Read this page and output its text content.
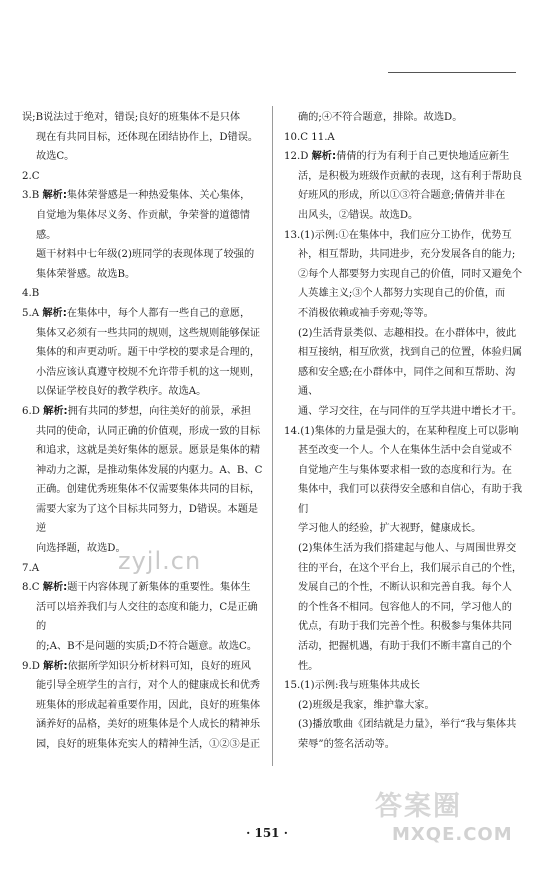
误;B说法过于绝对，错误;良好的班集体不是只体
现在有共同目标，还体现在团结协作上，D错误。
故选C。
2.C
3.B 解析:集体荣誉感是一种热爱集体、关心集体，
自觉地为集体尽义务、作贡献，争荣誉的道德情感。
题干材料中七年级(2)班同学的表现体现了较强的
集体荣誉感。故选B。
4.B
5.A 解析:在集体中，每个人都有一些自己的意愿，
集体又必须有一些共同的规则，这些规则能够保证
集体的和声更动听。题干中学校的要求是合理的，
小浩应该认真遵守校规不允许带手机的这一规则，
以保证学校良好的教学秩序。故选A。
6.D 解析:拥有共同的梦想，向往美好的前景，承担
共同的使命，认同正确的价值观，形成一致的目标
和追求，这就是美好集体的愿景。愿景是集体的精
神动力之源，是推动集体发展的内驱力。A、B、C
正确。创建优秀班集体不仅需要集体共同的目标，
需要大家为了这个目标共同努力，D错误。本题是逆
向选择题，故选D。
7.A
8.C 解析:题干内容体现了新集体的重要性。集体生
活可以培养我们与人交往的态度和能力，C是正确的
的;A、B不是问题的实质;D不符合题意。故选C。
9.D 解析:依据所学知识分析材料可知，良好的班风
能引导全班学生的言行，对个人的健康成长和优秀
班集体的形成起着重要作用，因此，良好的班集体
涵养好的品格，美好的班集体是个人成长的精神乐
园，良好的班集体充实人的精神生活，①②③是正
确的;④不符合题意，排除。故选D。
10.C 11.A
12.D 解析:倩倩的行为有利于自己更快地适应新生
活，是积极为班级作贡献的表现，这有利于帮助良
好班风的形成，所以①③符合题意;倩倩并非在
出风头，②错误。故选D。
13.(1)示例:①在集体中，我们应分工协作，优势互
补，相互帮助，共同进步，充分发展各自的能力;
②每个人都要努力实现自己的价值，同时又避免个
人英雄主义;③个人都努力实现自己的价值，而
不消极依赖或袖手旁观;等等。
(2)生活背景类似、志趣相投。在小群体中，彼此
相互接纳，相互欣赏，找到自己的位置，体验归属
感和安全感;在小群体中，同伴之间和互帮助、沟通、
通、学习交往，在与同伴的互学共进中增长才干。
14.(1)集体的力量是强大的，在某种程度上可以影响
甚至改变一个人。个人在集体生活中会自觉或不
自觉地产生与集体要求相一致的态度和行为。在
集体中，我们可以获得安全感和自信心，有助于我们
学习他人的经验，扩大视野，健康成长。
(2)集体生活为我们搭建起与他人、与周围世界交
往的平台，在这个平台上，我们展示自己的个性，
发展自己的个性，不断认识和完善自我。每个人
的个性各不相同。包容他人的不同，学习他人的
优点，有助于我们完善个性。积极参与集体共同
活动，把握机遇，有助于我们不断丰富自己的个性。
15.(1)示例:我与班集体共成长
(2)班级是我家，维护靠大家。
(3)播放歌曲《团结就是力量》，举行“我与集体共
荣辱”的签名活动等。
· 151 ·
zyjl.cn
答案圈
MXQE.COM
